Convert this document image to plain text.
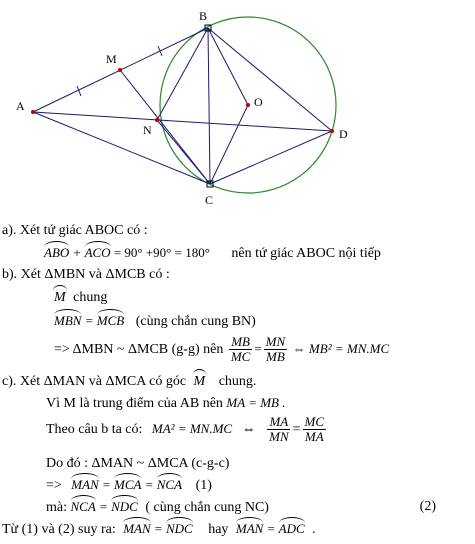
A
B
M
N
O
D
C
a). Xét tứ giác ABOC có :
ABO + ACO = 90° +90° = 180° nên tứ giác ABOC nội tiếp
b). Xét ΔMBN và ΔMCB có :
M chung
MBN = MCB (cùng chắn cung BN)
=> ΔMBN ~ ΔMCB (g-g) nên $\frac{MB}{MC} = \frac{MN}{MB}$ ⇔ MB² = MN.MC
c). Xét ΔMAN và ΔMCA có góc M chung.
Vì M là trung điểm của AB nên MA = MB .
Theo câu b ta có: MA² = MN.MC ⇔ $\frac{MA}{MN} = \frac{MC}{MA}$
Do đó : ΔMAN ~ ΔMCA (c-g-c)
=> MAN = MCA = NCA (1)
mà: NCA = NDC ( cùng chắn cung NC)	(2)
Từ (1) và (2) suy ra: MAN = NDC hay MAN = ADC .
